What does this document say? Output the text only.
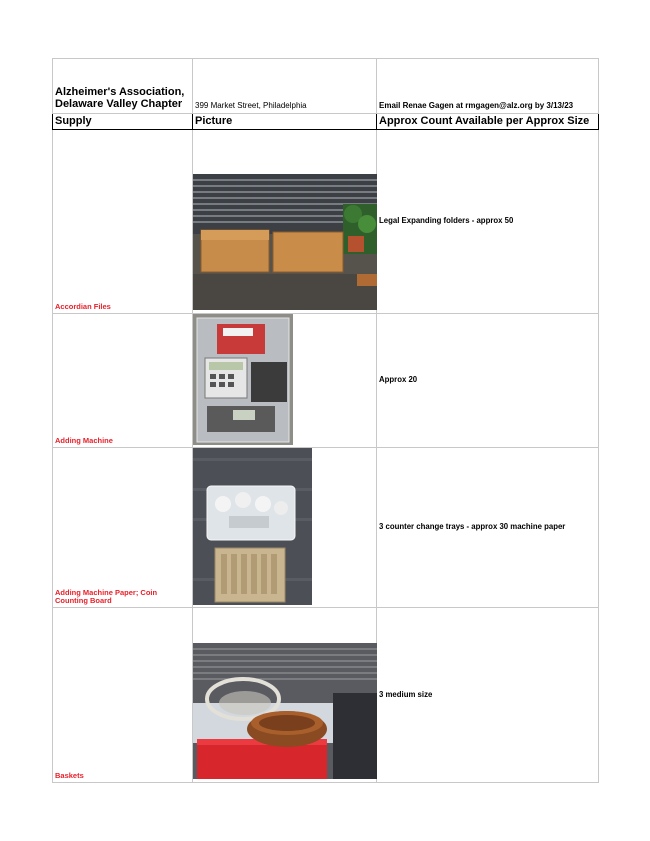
Alzheimer's Association,
Delaware Valley Chapter	399 Market Street, Philadelphia	Email Renae Gagen at rmgagen@alz.org by 3/13/23
Supply	Picture	Approx Count Available per Approx Size
Accordian Files		Legal Expanding folders - approx 50
Adding Machine		Approx 20
Adding Machine Paper; Coin Counting Board		3 counter change trays - approx 30 machine paper
Baskets		3 medium size
